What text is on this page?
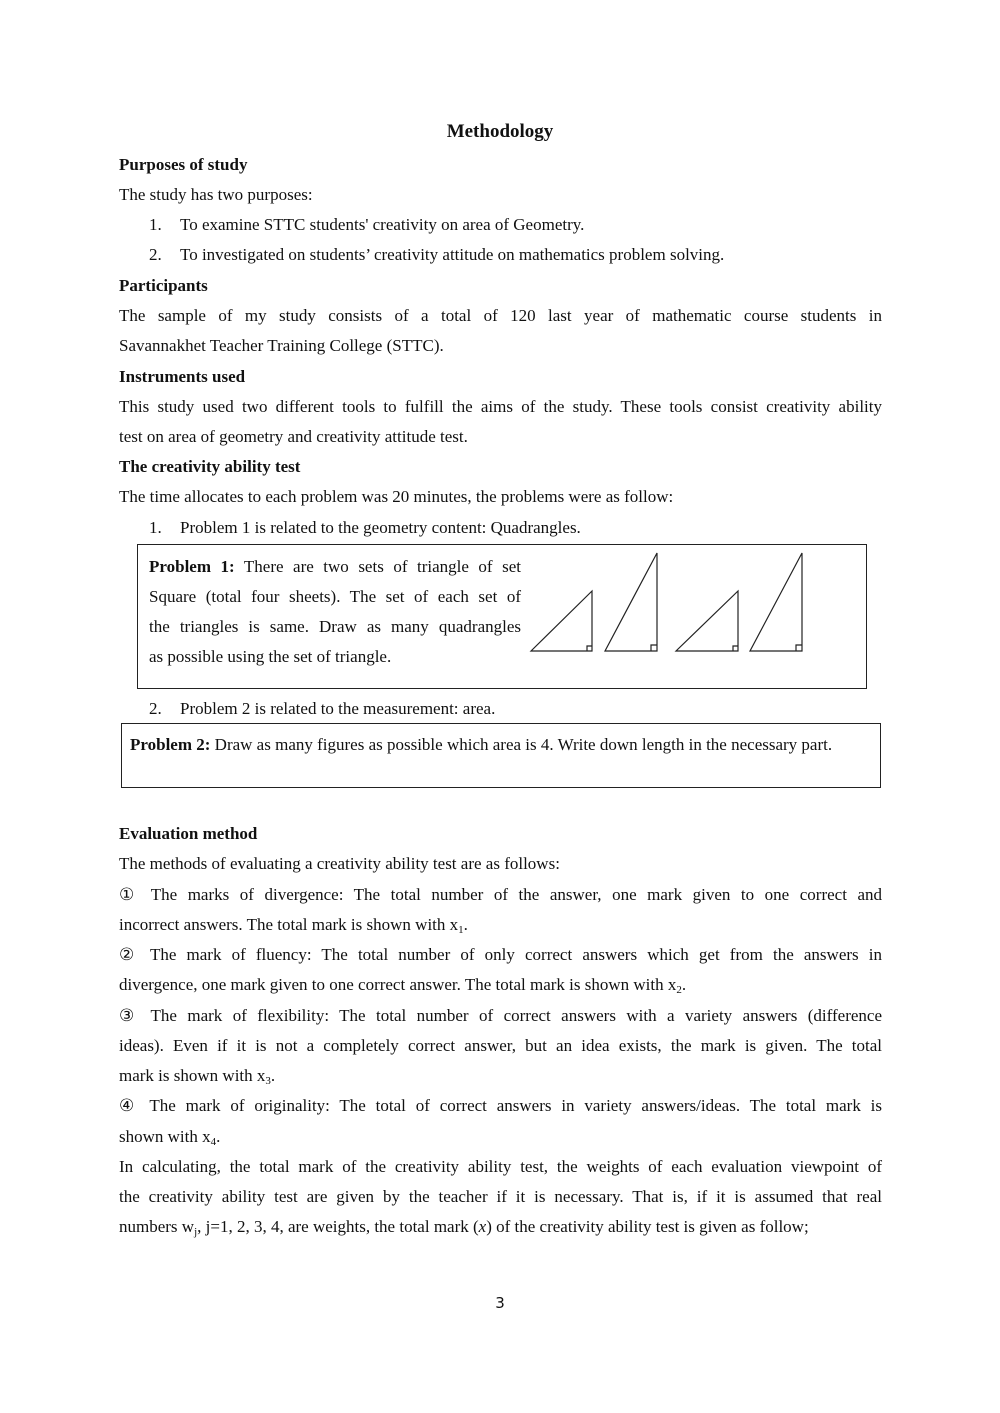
Methodology
Purposes of study
The study has two purposes:
1. To examine STTC students' creativity on area of Geometry.
2. To investigated on students’ creativity attitude on mathematics problem solving.
Participants
The sample of my study consists of a total of 120 last year of mathematic course students in
Savannakhet Teacher Training College (STTC).
Instruments used
This study used two different tools to fulfill the aims of the study. These tools consist creativity ability
test on area of geometry and creativity attitude test.
The creativity ability test
The time allocates to each problem was 20 minutes, the problems were as follow:
1. Problem 1 is related to the geometry content: Quadrangles.
Problem 1: There are two sets of triangle of set
Square (total four sheets). The set of each set of
the triangles is same. Draw as many quadrangles
as possible using the set of triangle.
2. Problem 2 is related to the measurement: area.
Problem 2: Draw as many figures as possible which area is 4. Write down length in the necessary part.
Evaluation method
The methods of evaluating a creativity ability test are as follows:
① The marks of divergence: The total number of the answer, one mark given to one correct and
incorrect answers. The total mark is shown with $x_1$.
② The mark of fluency: The total number of only correct answers which get from the answers in
divergence, one mark given to one correct answer. The total mark is shown with $x_2$.
③ The mark of flexibility: The total number of correct answers with a variety answers (difference
ideas). Even if it is not a completely correct answer, but an idea exists, the mark is given. The total
mark is shown with $x_3$.
④ The mark of originality: The total of correct answers in variety answers/ideas. The total mark is
shown with $x_4$.
In calculating, the total mark of the creativity ability test, the weights of each evaluation viewpoint of
the creativity ability test are given by the teacher if it is necessary. That is, if it is assumed that real
numbers $w_j$, j=1, 2, 3, 4, are weights, the total mark (x) of the creativity ability test is given as follow;
3
